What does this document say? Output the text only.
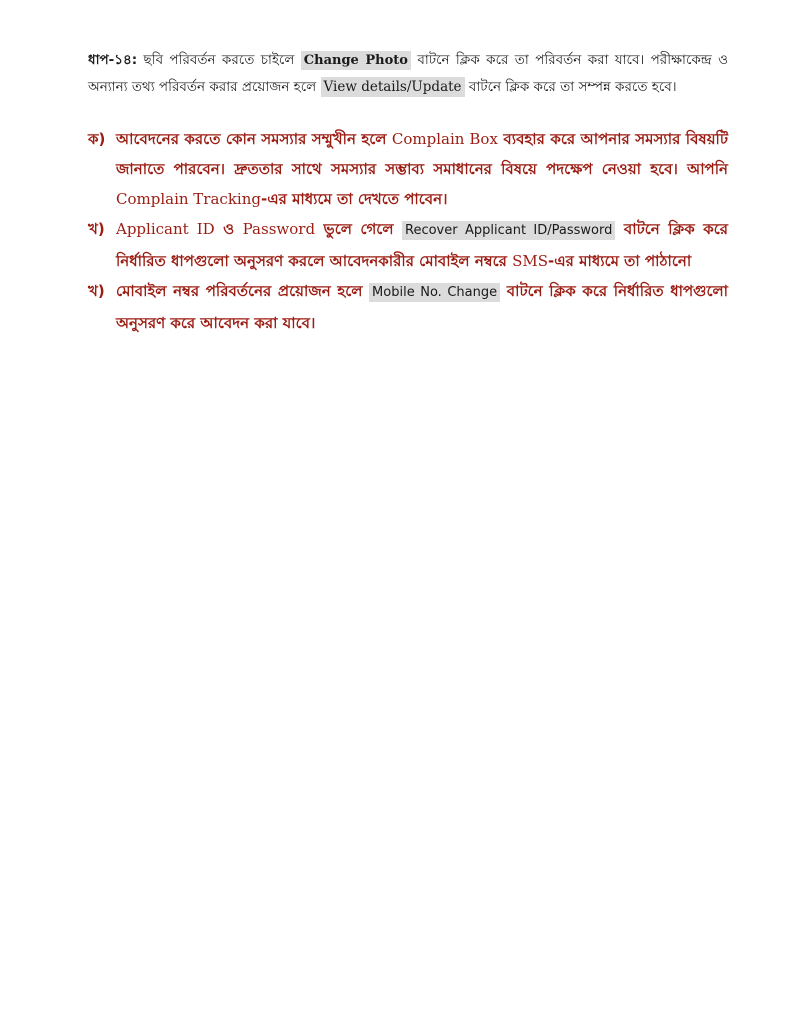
ধাপ-১৪: ছবি পরিবর্তন করতে চাইলে Change Photo বাটনে ক্লিক করে তা পরিবর্তন করা যাবে। পরীক্ষাকেন্দ্র ও অন্যান্য তথ্য পরিবর্তন করার প্রয়োজন হলে View details/Update বাটনে ক্লিক করে তা সম্পন্ন করতে হবে।
ক) আবেদনের করতে কোন সমস্যার সম্মুখীন হলে Complain Box ব্যবহার করে আপনার সমস্যার বিষয়টি জানাতে পারবেন। দ্রুততার সাথে সমস্যার সম্ভাব্য সমাধানের বিষয়ে পদক্ষেপ নেওয়া হবে। আপনি Complain Tracking-এর মাধ্যমে তা দেখতে পাবেন।
খ) Applicant ID ও Password ভুলে গেলে Recover Applicant ID/Password বাটনে ক্লিক করে নির্ধারিত ধাপগুলো অনুসরণ করলে আবেদনকারীর মোবাইল নম্বরে SMS-এর মাধ্যমে তা পাঠানো
খ) মোবাইল নম্বর পরিবর্তনের প্রয়োজন হলে Mobile No. Change বাটনে ক্লিক করে নির্ধারিত ধাপগুলো অনুসরণ করে আবেদন করা যাবে।
